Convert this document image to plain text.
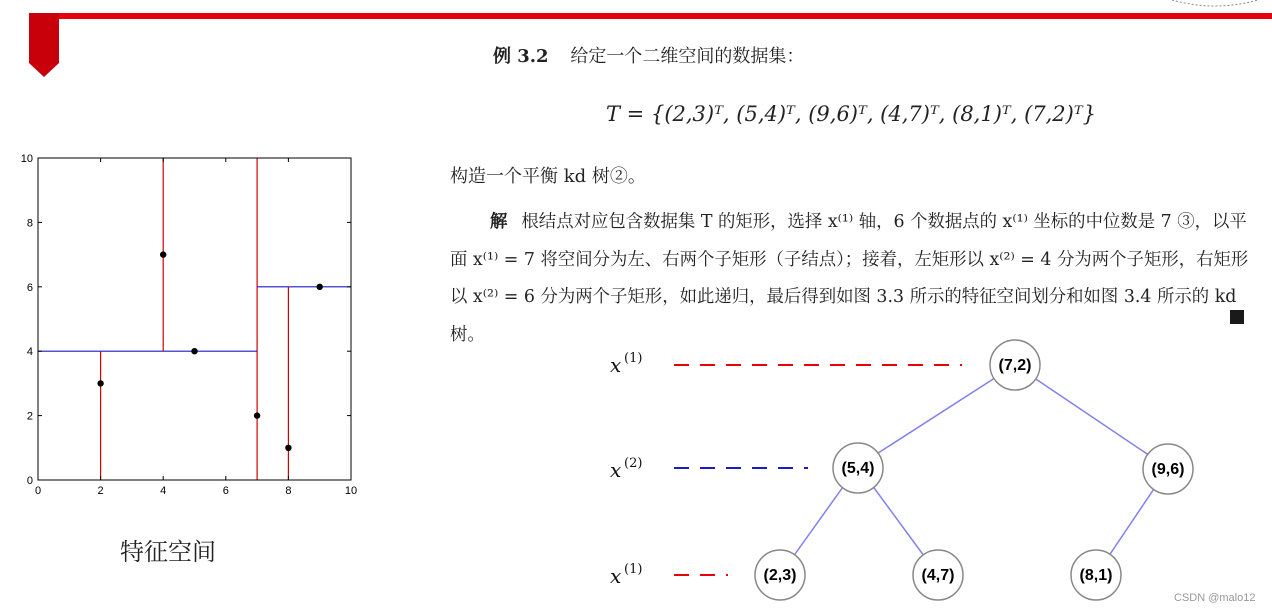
0	2	4	6	8	10
0
2
4
6
8
10
特征空间
例 3.2 给定一个二维空间的数据集：
T = {(2,3)ᵀ, (5,4)ᵀ, (9,6)ᵀ, (4,7)ᵀ, (8,1)ᵀ, (7,2)ᵀ}
构造一个平衡 kd 树②。
解 根结点对应包含数据集 T 的矩形，选择 x⁽¹⁾ 轴，6 个数据点的 x⁽¹⁾ 坐标的中位数是 7 ③，以平面 x⁽¹⁾ = 7 将空间分为左、右两个子矩形（子结点）；接着，左矩形以 x⁽²⁾ = 4 分为两个子矩形，右矩形以 x⁽²⁾ = 6 分为两个子矩形，如此递归，最后得到如图 3.3 所示的特征空间划分和如图 3.4 所示的 kd 树。
x (1)
x (2)
x (1)
(7,2)
(5,4)	(9,6)
(2,3)	(4,7)	(8,1)
CSDN @malo12
